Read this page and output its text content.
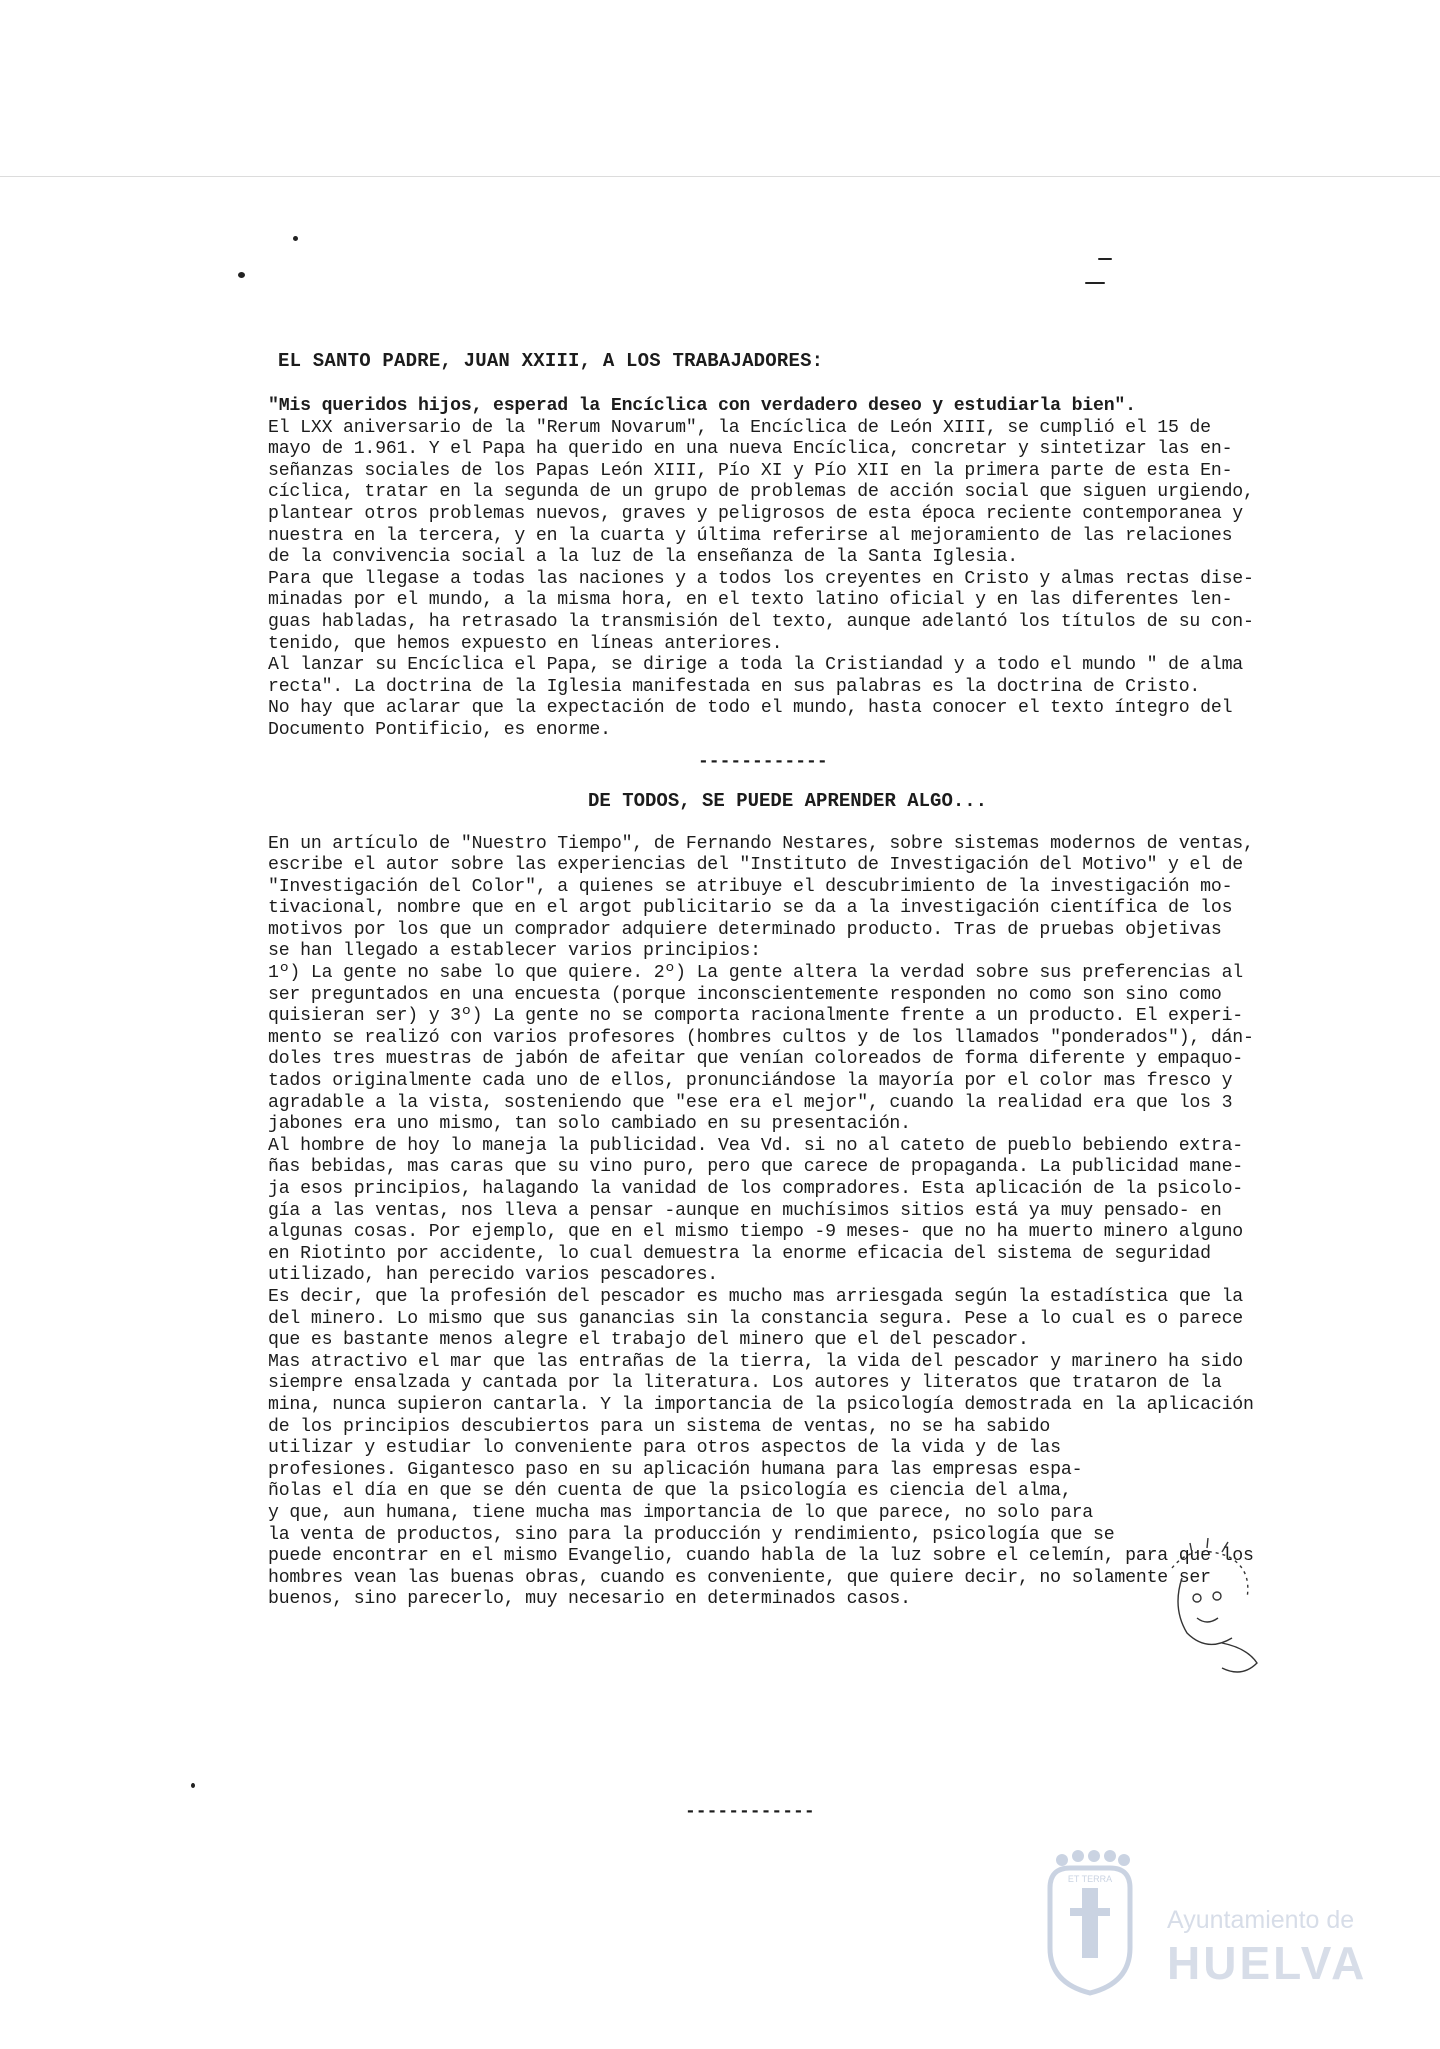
EL SANTO PADRE, JUAN XXIII, A LOS TRABAJADORES:

"Mis queridos hijos, esperad la Encíclica con verdadero deseo y estudiarla bien".

El LXX aniversario de la "Rerum Novarum", la Encíclica de León XIII, se cumplió el 15 de

mayo de 1.961. Y el Papa ha querido en una nueva Encíclica, concretar y sintetizar las en-

señanzas sociales de los Papas León XIII, Pío XI y Pío XII en la primera parte de esta En-

cíclica, tratar en la segunda de un grupo de problemas de acción social que siguen urgiendo,

plantear otros problemas nuevos, graves y peligrosos de esta época reciente contemporanea y

nuestra en la tercera, y en la cuarta y última referirse al mejoramiento de las relaciones

de la convivencia social a la luz de la enseñanza de la Santa Iglesia.

Para que llegase a todas las naciones y a todos los creyentes en Cristo y almas rectas dise-

minadas por el mundo, a la misma hora, en el texto latino oficial y en las diferentes len-

guas habladas, ha retrasado la transmisión del texto, aunque adelantó los títulos de su con-

tenido, que hemos expuesto en líneas anteriores.

Al lanzar su Encíclica el Papa, se dirige a toda la Cristiandad y a todo el mundo " de alma

recta". La doctrina de la Iglesia manifestada en sus palabras es la doctrina de Cristo.

No hay que aclarar que la expectación de todo el mundo, hasta conocer el texto íntegro del

Documento Pontificio, es enorme.

------------
DE TODOS, SE PUEDE APRENDER ALGO...

En un artículo de "Nuestro Tiempo", de Fernando Nestares, sobre sistemas modernos de ventas,

escribe el autor sobre las experiencias del "Instituto de Investigación del Motivo" y el de

"Investigación del Color", a quienes se atribuye el descubrimiento de la investigación mo-

tivacional, nombre que en el argot publicitario se da a la investigación científica de los

motivos por los que un comprador adquiere determinado producto. Tras de pruebas objetivas

se han llegado a establecer varios principios:

1º) La gente no sabe lo que quiere. 2º) La gente altera la verdad sobre sus preferencias al

ser preguntados en una encuesta (porque inconscientemente responden no como son sino como

quisieran ser) y 3º) La gente no se comporta racionalmente frente a un producto. El experi-

mento se realizó con varios profesores (hombres cultos y de los llamados "ponderados"), dán-

doles tres muestras de jabón de afeitar que venían coloreados de forma diferente y empaquo-

tados originalmente cada uno de ellos, pronunciándose la mayoría por el color mas fresco y

agradable a la vista, sosteniendo que "ese era el mejor", cuando la realidad era que los 3

jabones era uno mismo, tan solo cambiado en su presentación.

Al hombre de hoy lo maneja la publicidad. Vea Vd. si no al cateto de pueblo bebiendo extra-

ñas bebidas, mas caras que su vino puro, pero que carece de propaganda. La publicidad mane-

ja esos principios, halagando la vanidad de los compradores. Esta aplicación de la psicolo-

gía a las ventas, nos lleva a pensar -aunque en muchísimos sitios está ya muy pensado- en

algunas cosas. Por ejemplo, que en el mismo tiempo -9 meses- que no ha muerto minero alguno

en Riotinto por accidente, lo cual demuestra la enorme eficacia del sistema de seguridad

utilizado, han perecido varios pescadores.

Es decir, que la profesión del pescador es mucho mas arriesgada según la estadística que la

del minero. Lo mismo que sus ganancias sin la constancia segura. Pese a lo cual es o parece

que es bastante menos alegre el trabajo del minero que el del pescador.

Mas atractivo el mar que las entrañas de la tierra, la vida del pescador y marinero ha sido

siempre ensalzada y cantada por la literatura. Los autores y literatos que trataron de la

mina, nunca supieron cantarla. Y la importancia de la psicología demostrada en la aplicación

de los principios descubiertos para un sistema de ventas, no se ha sabido

utilizar y estudiar lo conveniente para otros aspectos de la vida y de las

profesiones. Gigantesco paso en su aplicación humana para las empresas espa-

ñolas el día en que se dén cuenta de que la psicología es ciencia del alma,

y que, aun humana, tiene mucha mas importancia de lo que parece, no solo para

la venta de productos, sino para la producción y rendimiento, psicología que se

puede encontrar en el mismo Evangelio, cuando habla de la luz sobre el celemín, para que los

hombres vean las buenas obras, cuando es conveniente, que quiere decir, no solamente ser

buenos, sino parecerlo, muy necesario en determinados casos.

------------
ET TERRA
Ayuntamiento de
HUELVA
